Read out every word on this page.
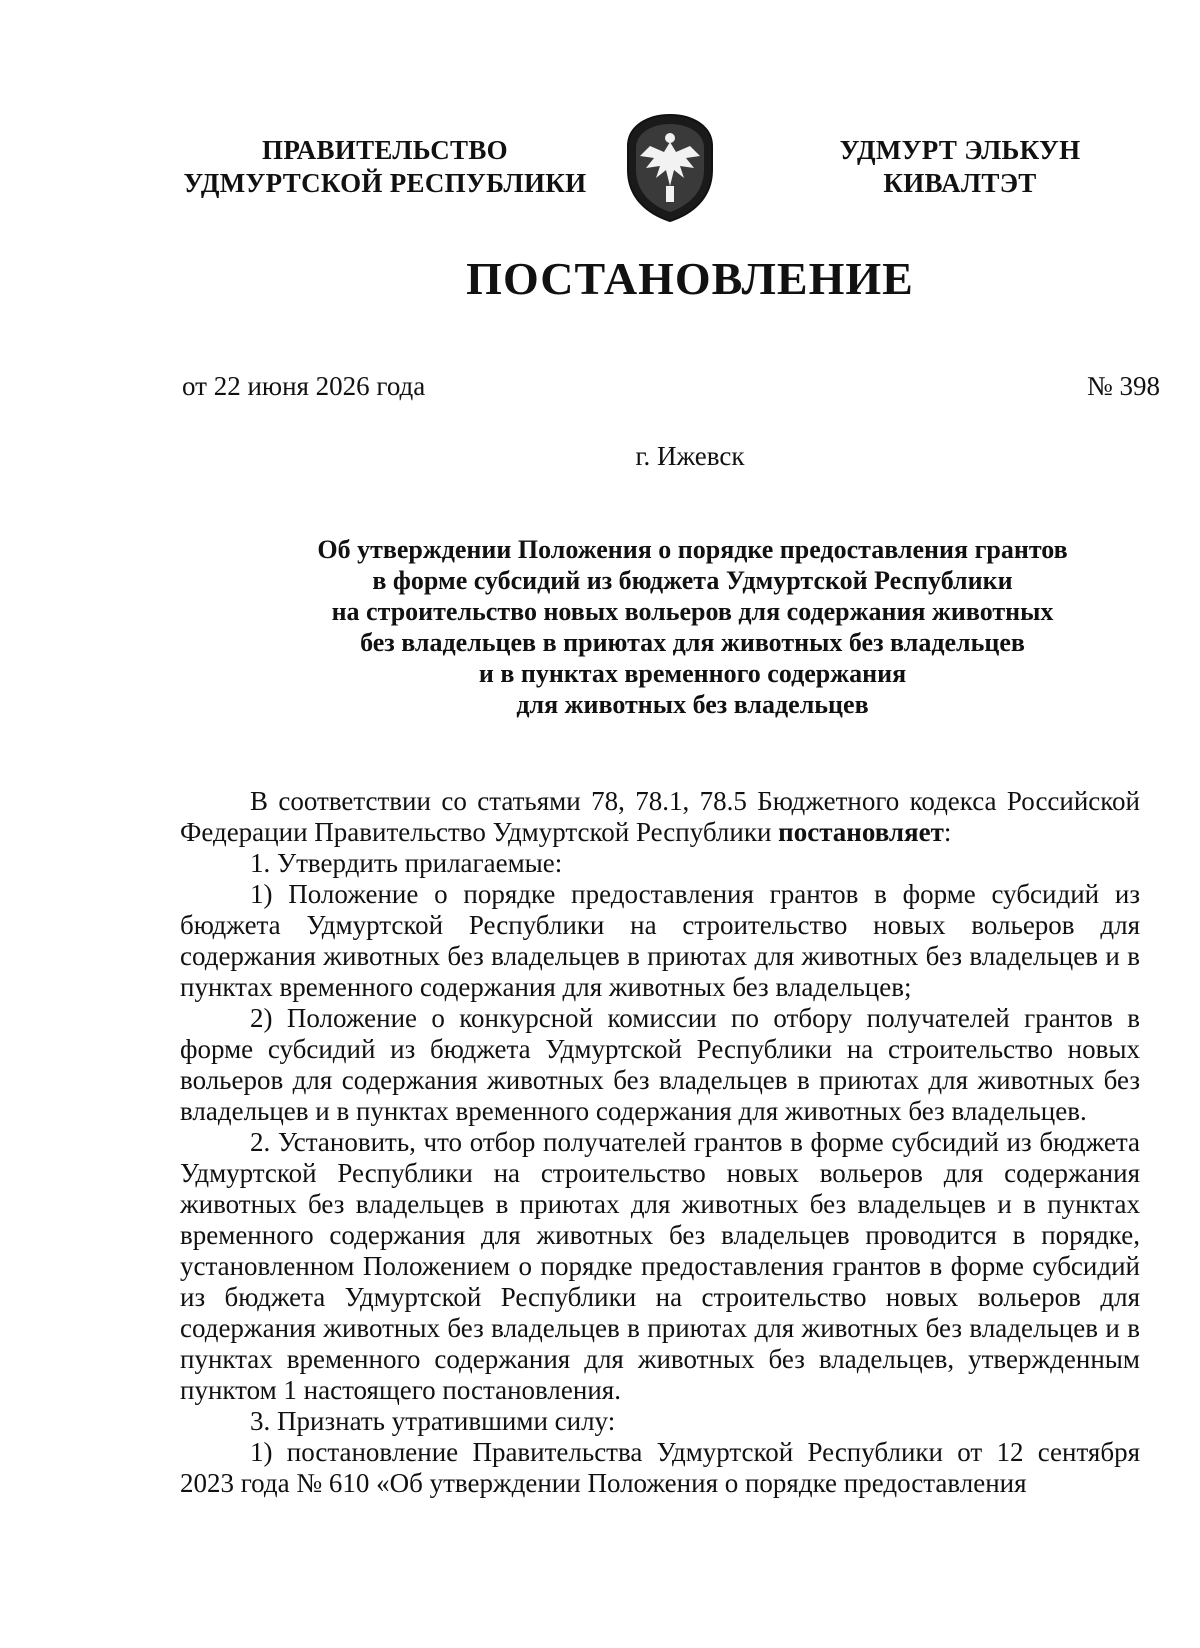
ПРАВИТЕЛЬСТВО
УДМУРТСКОЙ РЕСПУБЛИКИ
УДМУРТ ЭЛЬКУН
КИВАЛТЭТ
ПОСТАНОВЛЕНИЕ
от 22 июня 2026 года	№ 398
г. Ижевск
Об утверждении Положения о порядке предоставления грантов
в форме субсидий из бюджета Удмуртской Республики
на строительство новых вольеров для содержания животных
без владельцев в приютах для животных без владельцев
и в пунктах временного содержания
для животных без владельцев

В соответствии со статьями 78, 78.1, 78.5 Бюджетного кодекса Российской Федерации Правительство Удмуртской Республики постановляет:

1. Утвердить прилагаемые:

1) Положение о порядке предоставления грантов в форме субсидий из бюджета Удмуртской Республики на строительство новых вольеров для содержания животных без владельцев в приютах для животных без владельцев и в пунктах временного содержания для животных без владельцев;

2) Положение о конкурсной комиссии по отбору получателей грантов в форме субсидий из бюджета Удмуртской Республики на строительство новых вольеров для содержания животных без владельцев в приютах для животных без владельцев и в пунктах временного содержания для животных без владельцев.

2. Установить, что отбор получателей грантов в форме субсидий из бюджета Удмуртской Республики на строительство новых вольеров для содержания животных без владельцев в приютах для животных без владельцев и в пунктах временного содержания для животных без владельцев проводится в порядке, установленном Положением о порядке предоставления грантов в форме субсидий из бюджета Удмуртской Республики на строительство новых вольеров для содержания животных без владельцев в приютах для животных без владельцев и в пунктах временного содержания для животных без владельцев, утвержденным пунктом 1 настоящего постановления.

3. Признать утратившими силу:

1) постановление Правительства Удмуртской Республики от 12 сентября 2023 года № 610 «Об утверждении Положения о порядке предоставления
